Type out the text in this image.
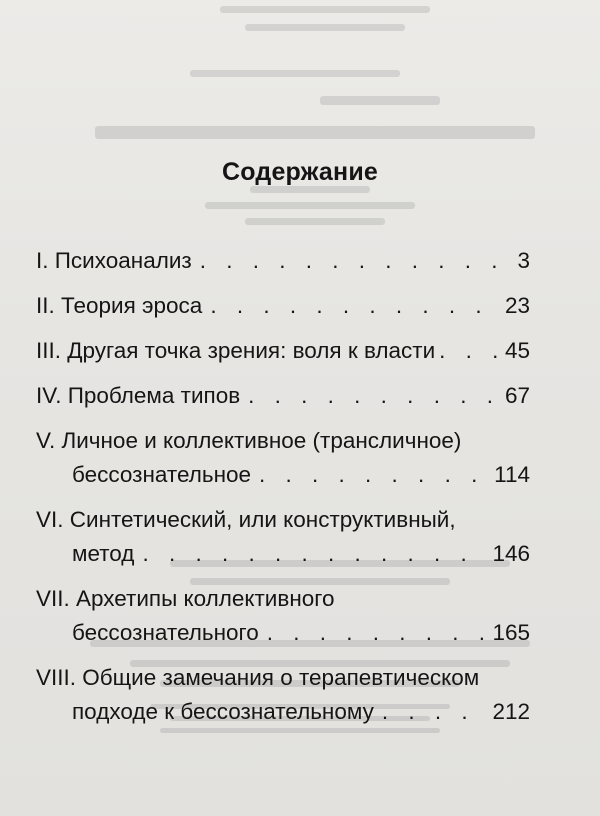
Содержание
I. Психоанализ . . .	3
II. Теория эроса . . .	23
III. Другая точка зрения: воля к власти . . .	45
IV. Проблема типов . . .	67
V. Личное и коллективное (транcличное)
бессознательное . . .	114
VI. Синтетический, или конструктивный,
метод . . .	146
VII. Архетипы коллективного
бессознательного . . .	165
VIII. Общие замечания о терапевтическом
подходе к бессознательному . . .	212
